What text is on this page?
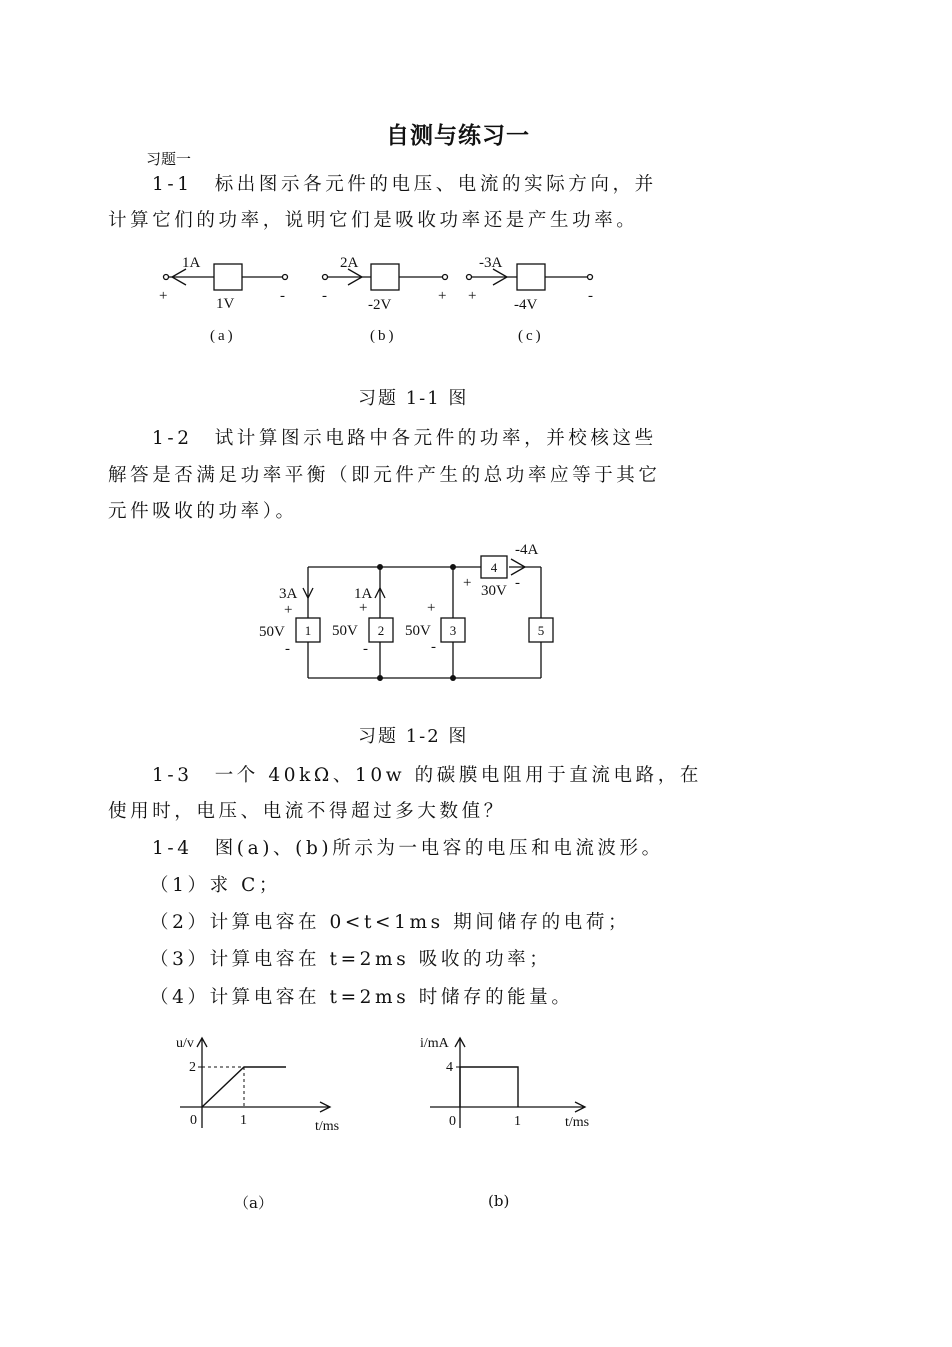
自测与练习一
习题一
1-1　标出图示各元件的电压、电流的实际方向，并
计算它们的功率，说明它们是吸收功率还是产生功率。
1A
+	1V	-
(a)
2A
-
-2V
+
(b)
-3A
+
-4V
-
(c)
习题 1-1 图
1-2　试计算图示电路中各元件的功率，并校核这些
解答是否满足功率平衡（即元件产生的总功率应等于其它
元件吸收的功率）。
3A	1A
-4A
+	+	+
+
50V	50V	50V
30V
-	-	-
-
1	2	3
4
5
习题 1-2 图
1-3　一个 40kΩ、10w 的碳膜电阻用于直流电路，在
使用时，电压、电流不得超过多大数值？
1-4　图(a)、(b)所示为一电容的电压和电流波形。
（1）求 C；
（2）计算电容在 0<t<1ms 期间储存的电荷；
（3）计算电容在 t=2ms 吸收的功率；
（4）计算电容在 t=2ms 时储存的能量。
u/v
t/ms
2
0	1
i/mA
t/ms
4
0	1
（a）	(b)
